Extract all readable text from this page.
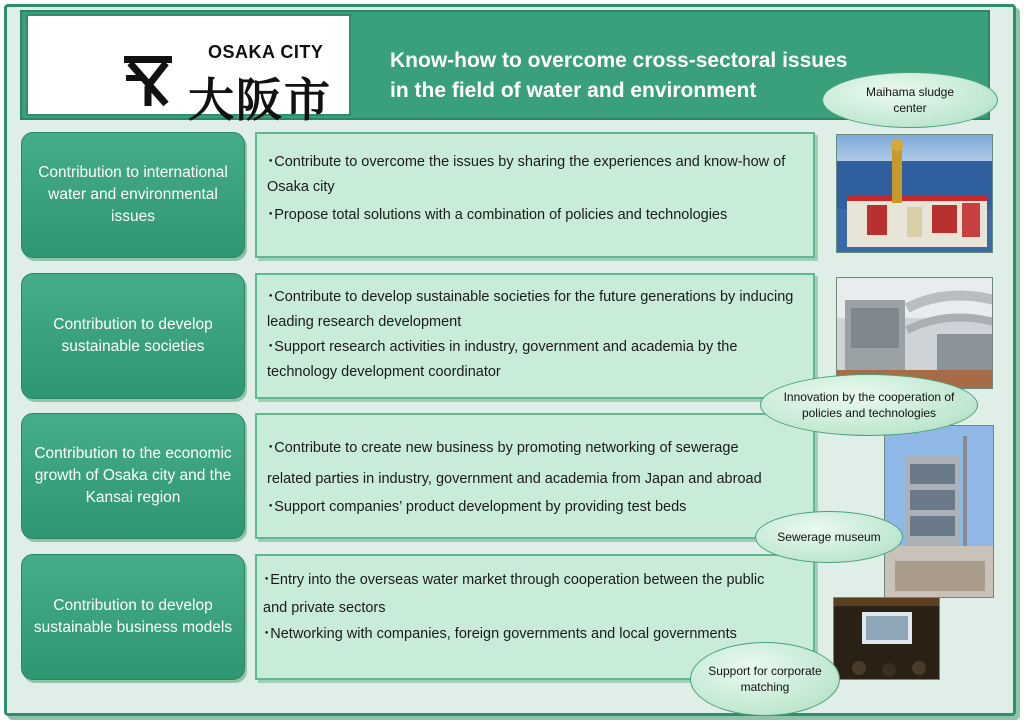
Know-how to overcome cross-sectoral issues
in the field of water and environment
OSAKA CITY
大阪市
Contribution to international water and environmental issues

･Contribute to overcome the issues by sharing the experiences and know-how of Osaka city

･Propose total solutions with a combination of policies and technologies

Contribution to develop sustainable societies

･Contribute to develop sustainable societies for the future generations by inducing leading research development

･Support research activities in industry, government and academia by the technology development coordinator

Contribution to the economic growth of Osaka city and the Kansai region

･Contribute to create new business by promoting networking of sewerage related parties in industry, government and academia from Japan and abroad

･Support companies’ product development by providing test beds

Contribution to develop sustainable business models

･Entry into the overseas water market through cooperation between the public and private sectors

･Networking with companies, foreign governments and local governments

Maihama sludge center
Innovation by the cooperation of policies and technologies
Sewerage museum
Support for corporate matching
